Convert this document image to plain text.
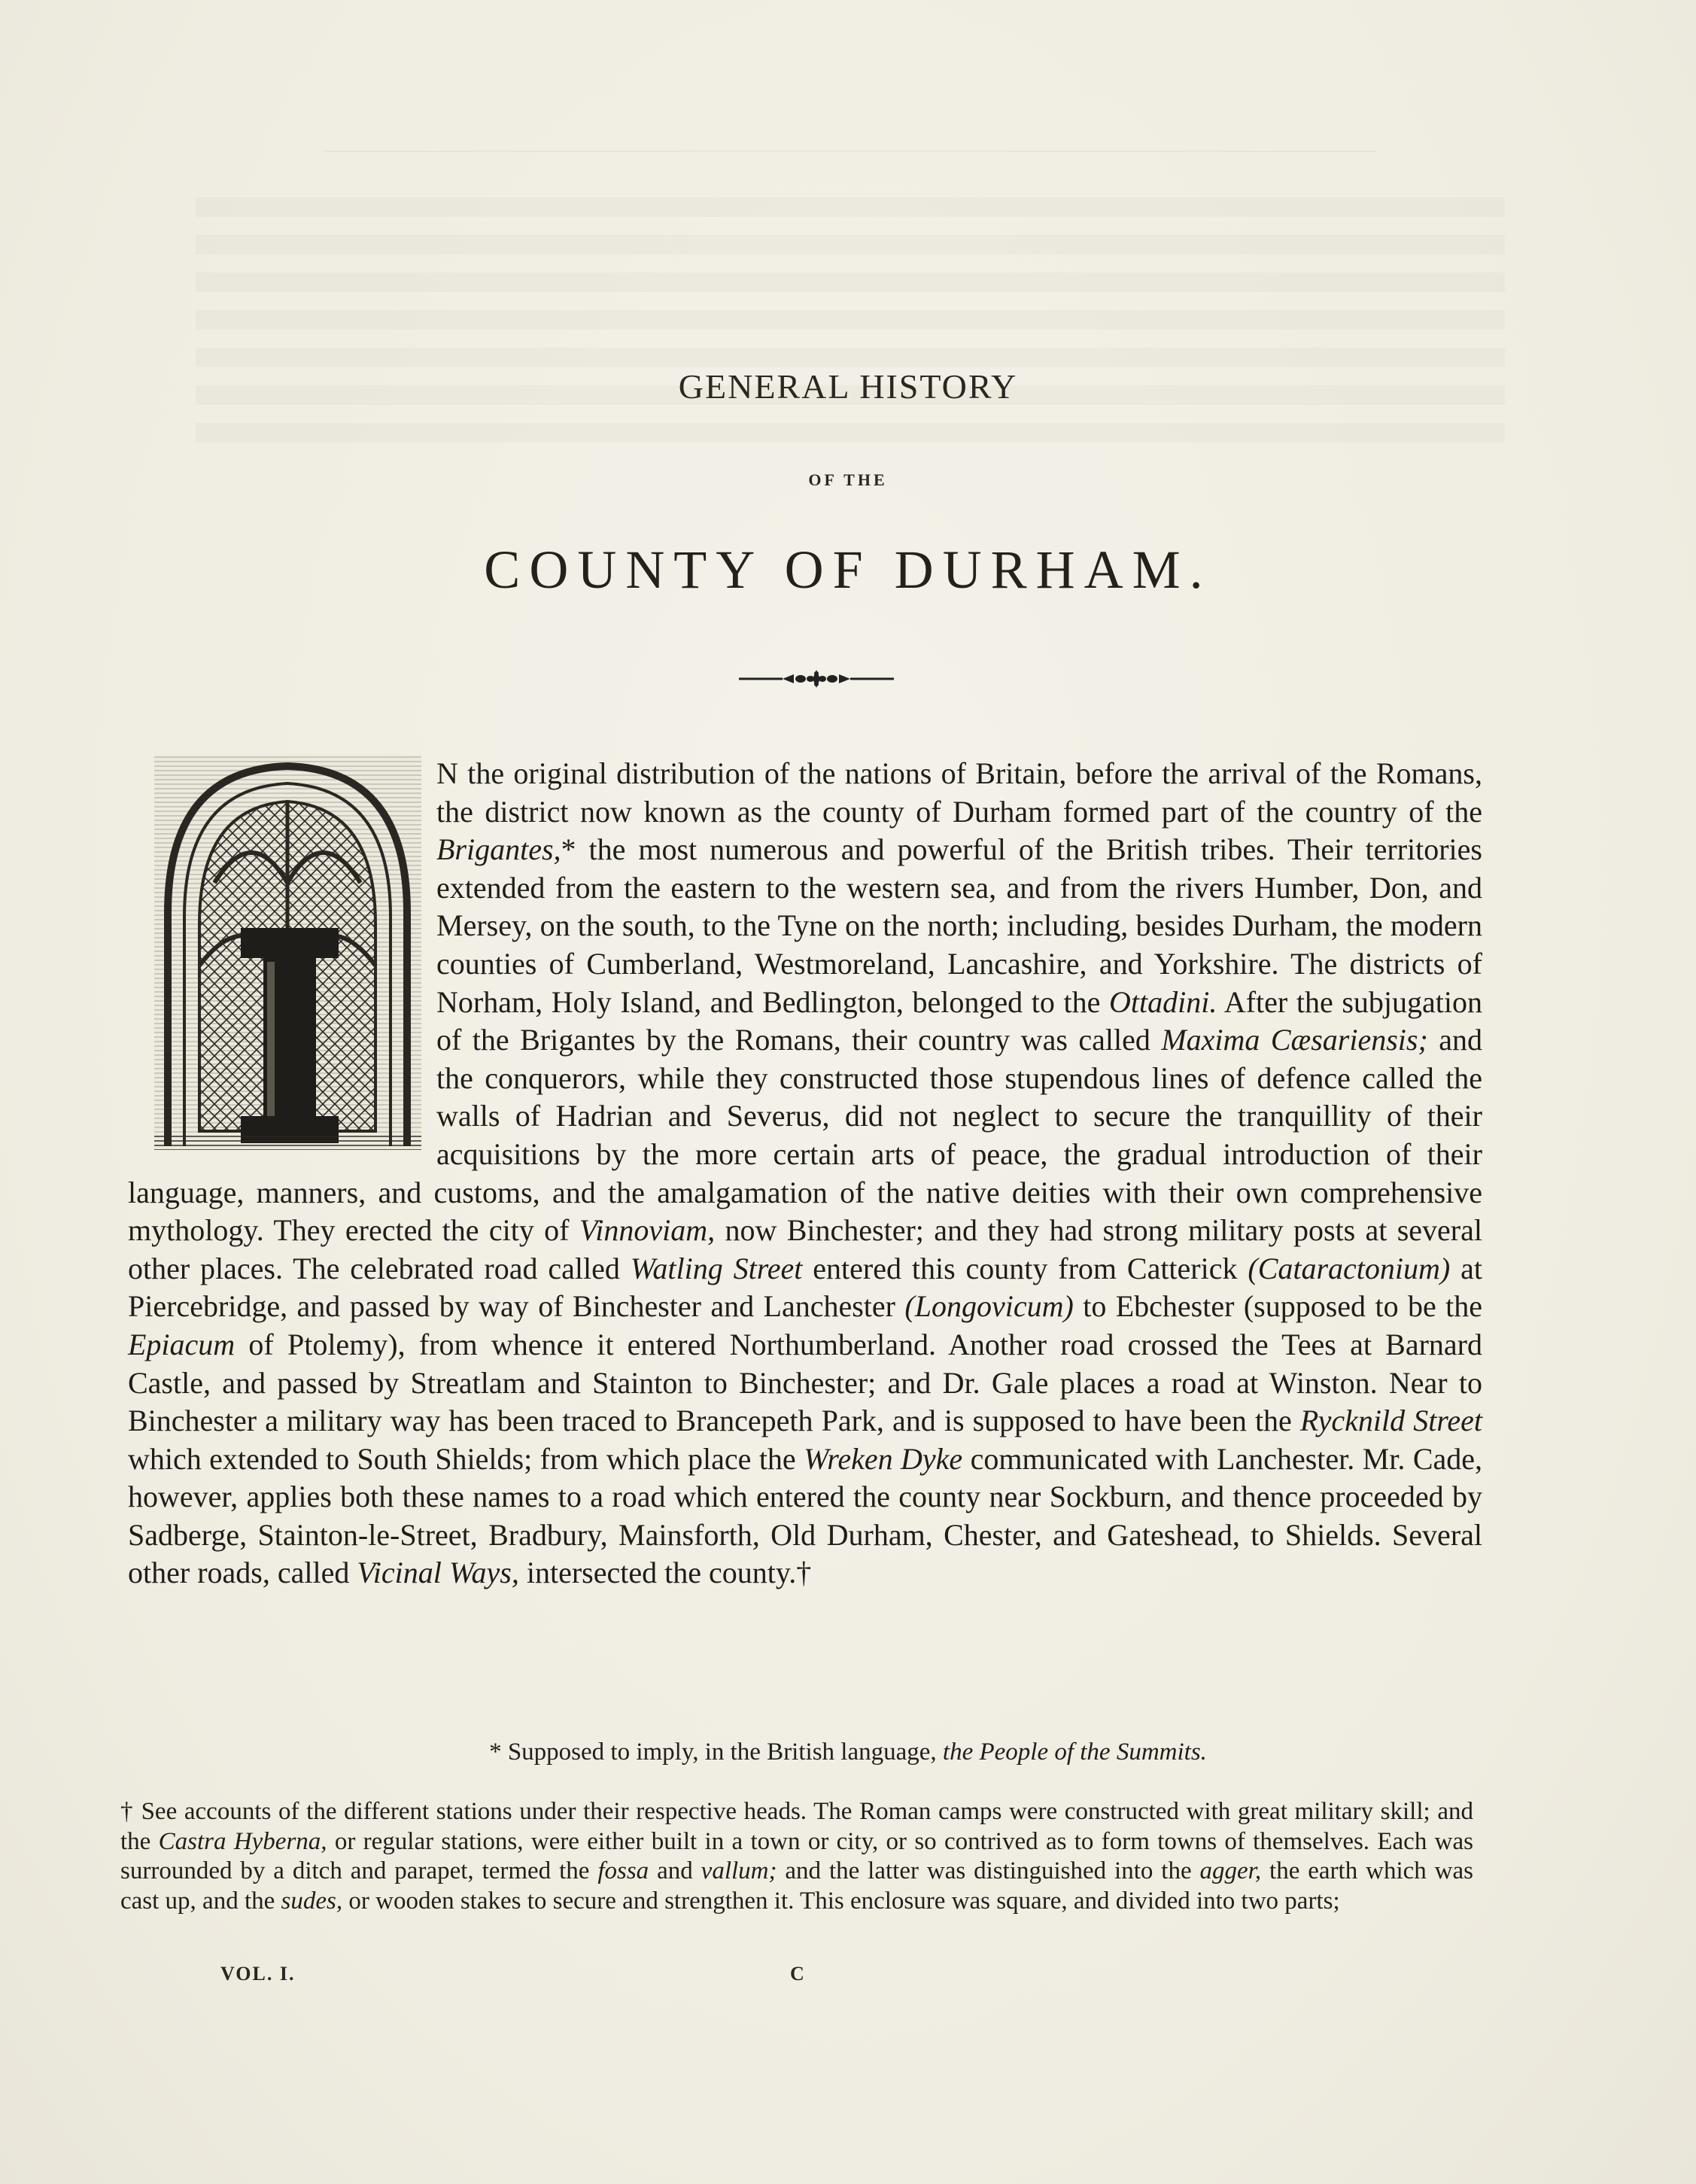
GENERAL HISTORY
OF THE
COUNTY OF DURHAM.
N the original distribution of the nations of Britain, before the arrival of the Romans, the district now known as the county of Durham formed part of the country of the Brigantes,* the most numerous and powerful of the British tribes. Their territories extended from the eastern to the western sea, and from the rivers Humber, Don, and Mersey, on the south, to the Tyne on the north; including, besides Durham, the modern counties of Cumberland, Westmoreland, Lancashire, and Yorkshire. The districts of Norham, Holy Island, and Bedlington, belonged to the Ottadini. After the subjugation of the Brigantes by the Romans, their country was called Maxima Cæsariensis; and the conquerors, while they constructed those stupendous lines of defence called the walls of Hadrian and Severus, did not neglect to secure the tranquillity of their acquisitions by the more certain arts of peace, the gradual introduction of their language, manners, and customs, and the amalgamation of the native deities with their own comprehensive mythology. They erected the city of Vinnoviam, now Binchester; and they had strong military posts at several other places. The celebrated road called Watling Street entered this county from Catterick (Cataractonium) at Piercebridge, and passed by way of Binchester and Lanchester (Longovicum) to Ebchester (supposed to be the Epiacum of Ptolemy), from whence it entered Northumberland. Another road crossed the Tees at Barnard Castle, and passed by Streatlam and Stainton to Binchester; and Dr. Gale places a road at Winston. Near to Binchester a military way has been traced to Brancepeth Park, and is supposed to have been the Rycknild Street which extended to South Shields; from which place the Wreken Dyke communicated with Lanchester. Mr. Cade, however, applies both these names to a road which entered the county near Sockburn, and thence proceeded by Sadberge, Stainton-le-Street, Bradbury, Mainsforth, Old Durham, Chester, and Gateshead, to Shields. Several other roads, called Vicinal Ways, intersected the county.†
* Supposed to imply, in the British language, the People of the Summits.
† See accounts of the different stations under their respective heads. The Roman camps were constructed with great military skill; and the Castra Hyberna, or regular stations, were either built in a town or city, or so contrived as to form towns of themselves. Each was surrounded by a ditch and parapet, termed the fossa and vallum; and the latter was distinguished into the agger, the earth which was cast up, and the sudes, or wooden stakes to secure and strengthen it. This enclosure was square, and divided into two parts;
VOL. I.	C
